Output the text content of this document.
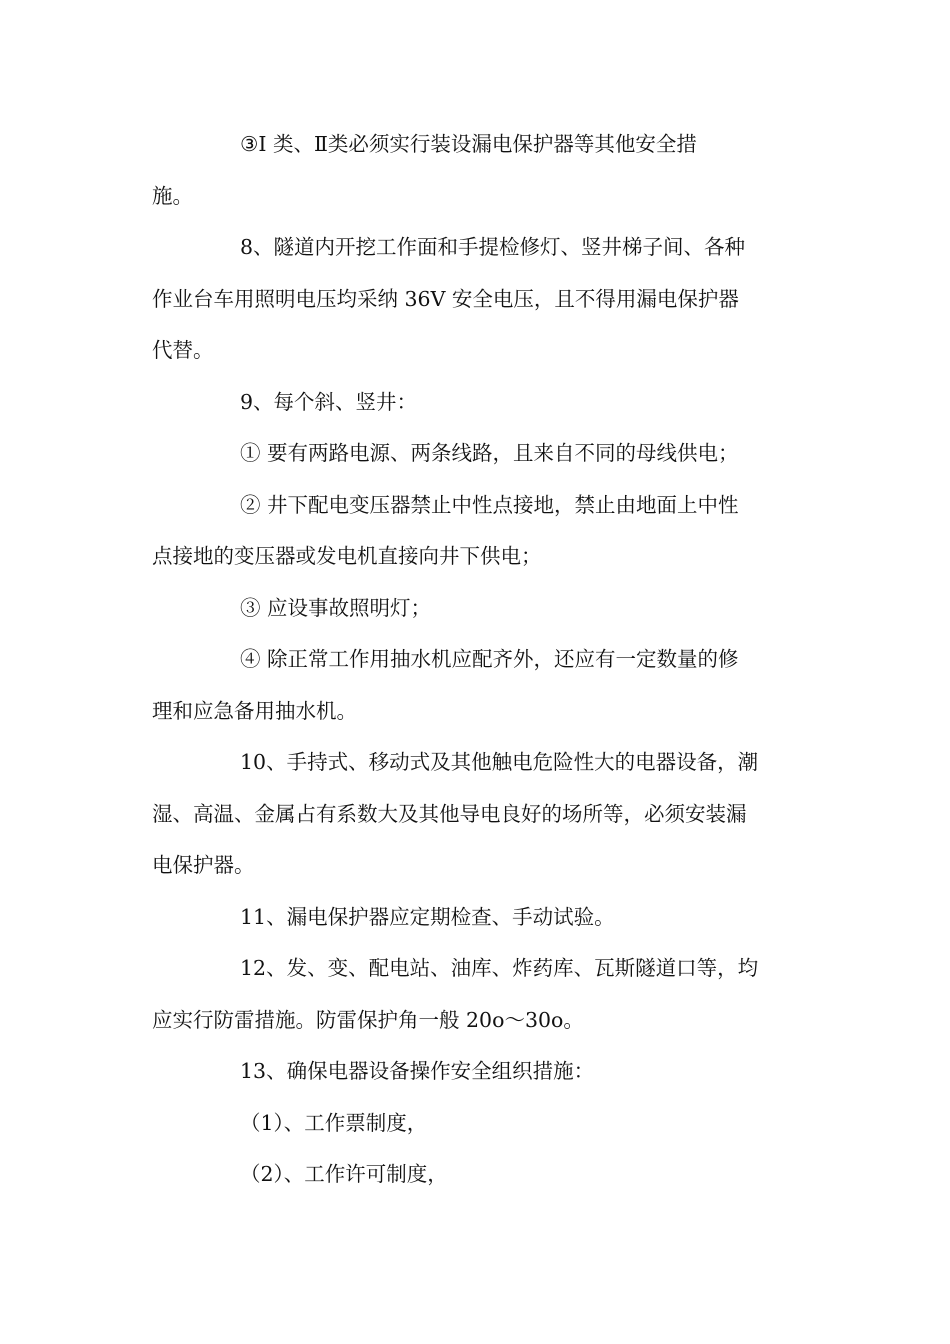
③Ⅰ 类、Ⅱ类必须实行装设漏电保护器等其他安全措
施。
8、隧道内开挖工作面和手提检修灯、竖井梯子间、各种
作业台车用照明电压均采纳 36V 安全电压，且不得用漏电保护器
代替。
9、每个斜、竖井：
① 要有两路电源、两条线路，且来自不同的母线供电；
② 井下配电变压器禁止中性点接地，禁止由地面上中性
点接地的变压器或发电机直接向井下供电；
③ 应设事故照明灯；
④ 除正常工作用抽水机应配齐外，还应有一定数量的修
理和应急备用抽水机。
10、手持式、移动式及其他触电危险性大的电器设备，潮
湿、高温、金属占有系数大及其他导电良好的场所等，必须安装漏
电保护器。
11、漏电保护器应定期检查、手动试验。
12、发、变、配电站、油库、炸药库、瓦斯隧道口等，均
应实行防雷措施。防雷保护角一般 20o～30o。
13、确保电器设备操作安全组织措施：
（1）、工作票制度，
（2）、工作许可制度，
